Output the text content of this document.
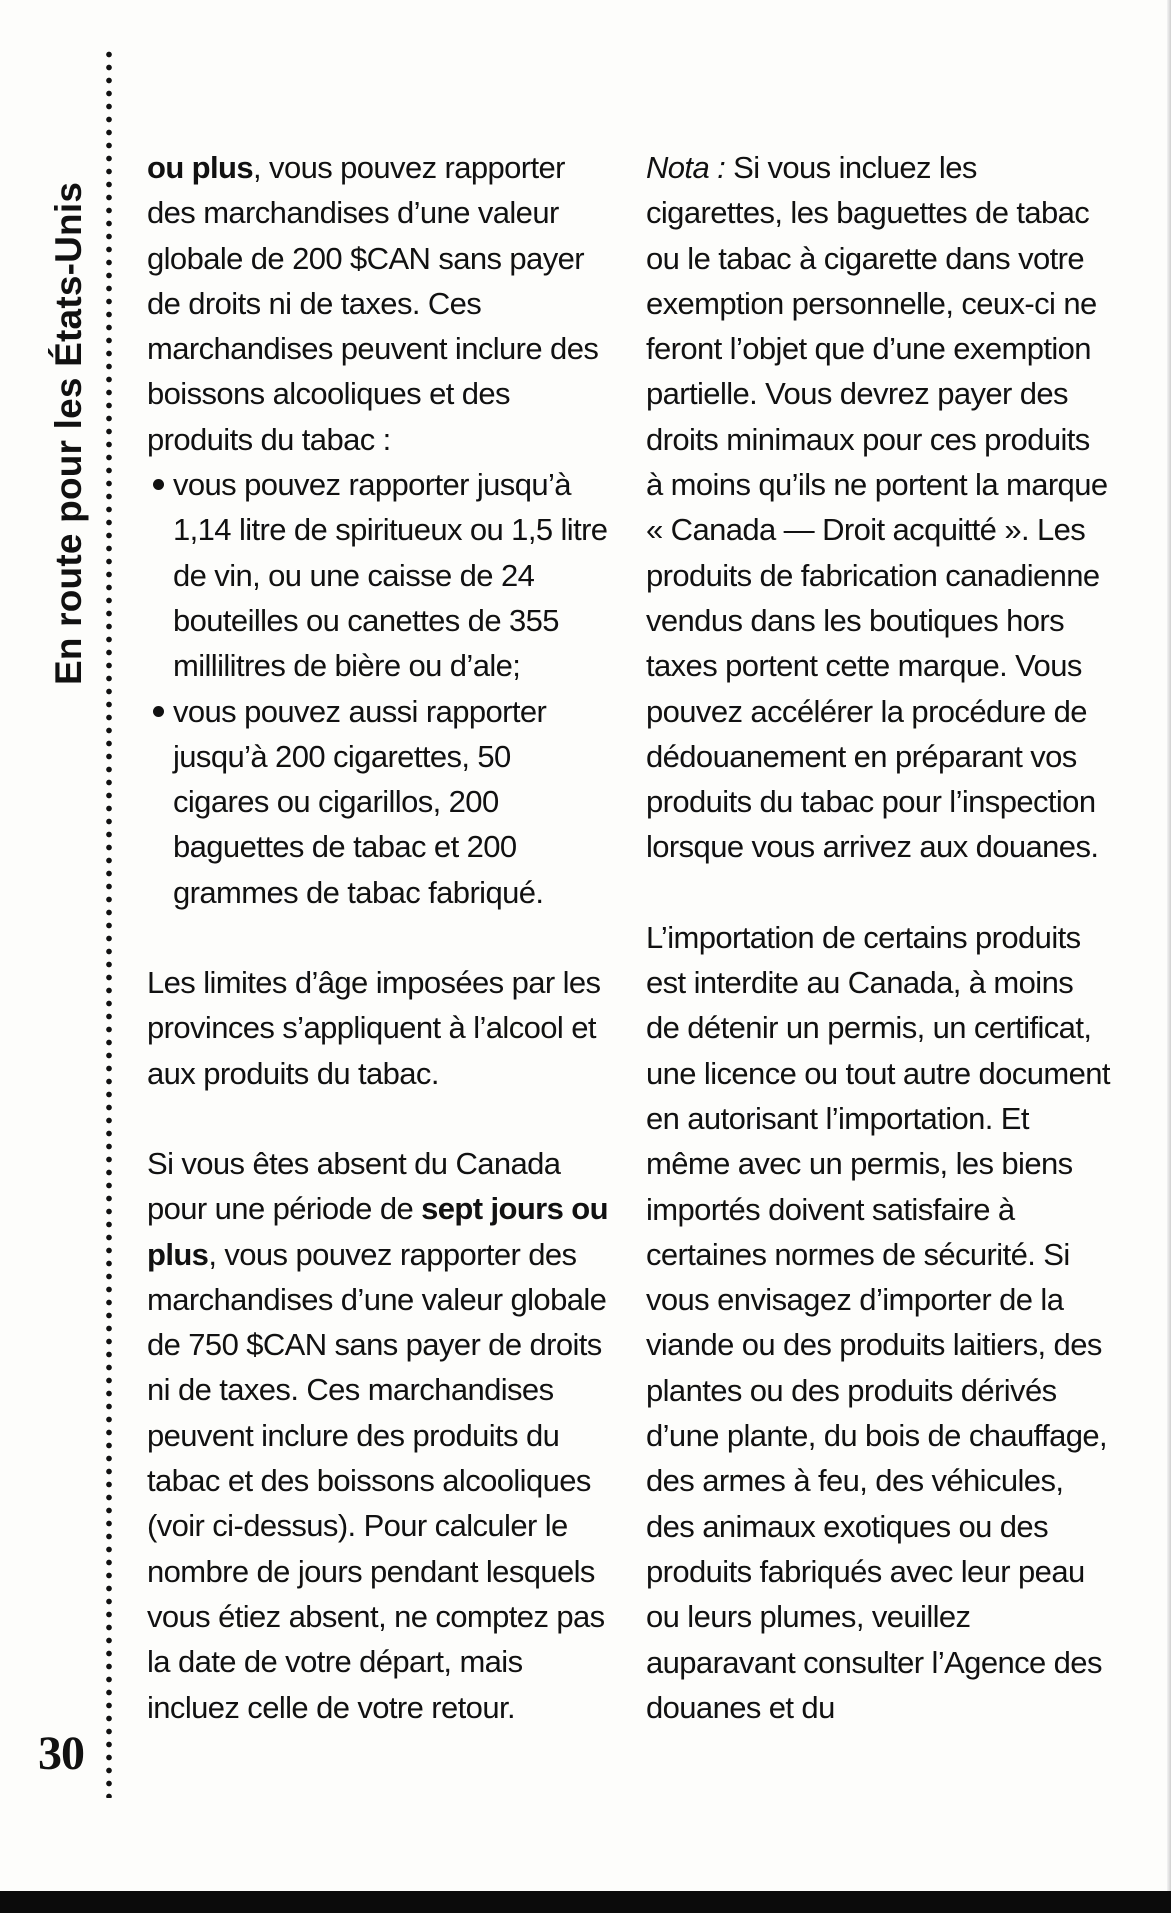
En route pour les États-Unis
30

ou plus, vous pouvez rapporter des marchandises d’une valeur globale de 200 $CAN sans payer de droits ni de taxes. Ces marchandises peuvent inclure des boissons alcooliques et des produits du tabac :

vous pouvez rapporter jusqu’à 1,14 litre de spiritueux ou 1,5 litre de vin, ou une caisse de 24 bouteilles ou canettes de 355 millilitres de bière ou d’ale;
vous pouvez aussi rapporter jusqu’à 200 cigarettes, 50 cigares ou cigarillos, 200 baguettes de tabac et 200 grammes de tabac fabriqué.

Les limites d’âge imposées par les provinces s’appliquent à l’alcool et aux produits du tabac.

Si vous êtes absent du Canada pour une période de sept jours ou plus, vous pouvez rapporter des marchandises d’une valeur globale de 750 $CAN sans payer de droits ni de taxes. Ces marchandises peuvent inclure des produits du tabac et des boissons alcooliques (voir ci-dessus). Pour calculer le nombre de jours pendant lesquels vous étiez absent, ne comptez pas la date de votre départ, mais incluez celle de votre retour.

Nota : Si vous incluez les cigarettes, les baguettes de tabac ou le tabac à cigarette dans votre exemption personnelle, ceux-ci ne feront l’objet que d’une exemption partielle. Vous devrez payer des droits minimaux pour ces produits à moins qu’ils ne portent la marque « Canada — Droit acquitté ». Les produits de fabrication canadienne vendus dans les boutiques hors taxes portent cette marque. Vous pouvez accélérer la procédure de dédouanement en préparant vos produits du tabac pour l’inspection lorsque vous arrivez aux douanes.

L’importation de certains produits est interdite au Canada, à moins de détenir un permis, un certificat, une licence ou tout autre document en autorisant l’importation. Et même avec un permis, les biens importés doivent satisfaire à certaines normes de sécurité. Si vous envisagez d’importer de la viande ou des produits laitiers, des plantes ou des produits dérivés d’une plante, du bois de chauffage, des armes à feu, des véhicules, des animaux exotiques ou des produits fabriqués avec leur peau ou leurs plumes, veuillez auparavant consulter l’Agence des douanes et du
